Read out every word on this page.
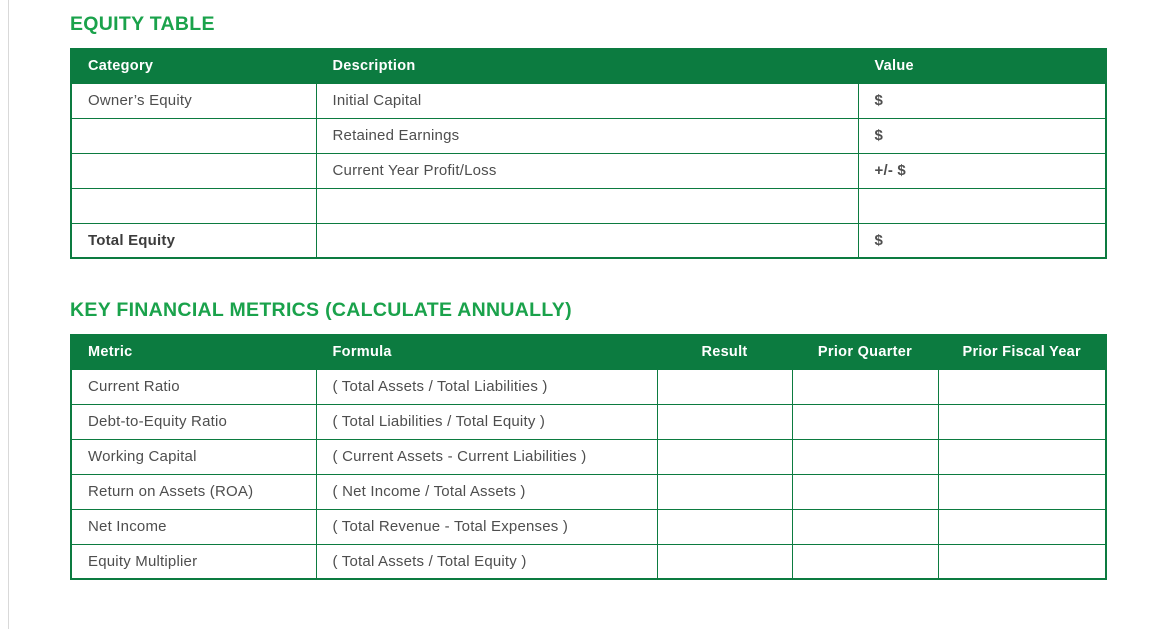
EQUITY TABLE
Category	Description	Value
Owner’s Equity	Initial Capital	$
	Retained Earnings	$
	Current Year Profit/Loss	+/- $

Total Equity		$
KEY FINANCIAL METRICS (CALCULATE ANNUALLY)
Metric	Formula	Result	Prior Quarter	Prior Fiscal Year
Current Ratio	( Total Assets / Total Liabilities )			
Debt-to-Equity Ratio	( Total Liabilities / Total Equity )			
Working Capital	( Current Assets - Current Liabilities )			
Return on Assets (ROA)	( Net Income / Total Assets )			
Net Income	( Total Revenue - Total Expenses )			
Equity Multiplier	( Total Assets / Total Equity )			
